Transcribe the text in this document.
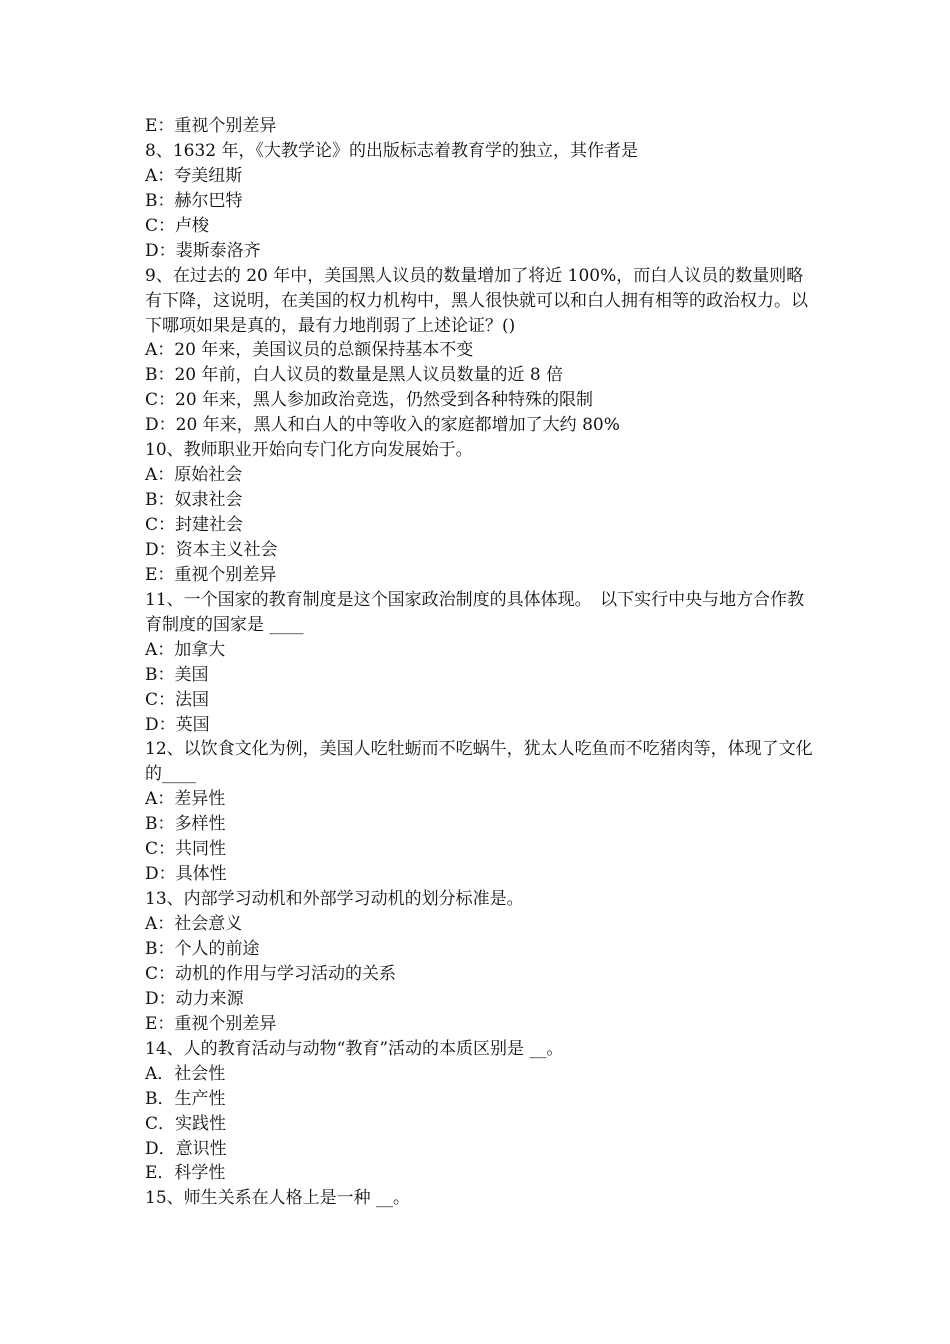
E：重视个别差异
8、1632 年，《大教学论》的出版标志着教育学的独立，其作者是
A：夸美纽斯
B：赫尔巴特
C：卢梭
D：裴斯泰洛齐
9、在过去的 20 年中，美国黑人议员的数量增加了将近 100%，而白人议员的数量则略有下降，这说明，在美国的权力机构中，黑人很快就可以和白人拥有相等的政治权力。以下哪项如果是真的，最有力地削弱了上述论证？()
A：20 年来，美国议员的总额保持基本不变
B：20 年前，白人议员的数量是黑人议员数量的近 8 倍
C：20 年来，黑人参加政治竞选，仍然受到各种特殊的限制
D：20 年来，黑人和白人的中等收入的家庭都增加了大约 80%
10、教师职业开始向专门化方向发展始于。
A：原始社会
B：奴隶社会
C：封建社会
D：资本主义社会
E：重视个别差异
11、一个国家的教育制度是这个国家政治制度的具体体现。　以下实行中央与地方合作教育制度的国家是 ____
A：加拿大
B：美国
C：法国
D：英国
12、以饮食文化为例，美国人吃牡蛎而不吃蜗牛，犹太人吃鱼而不吃猪肉等，体现了文化的____
A：差异性
B：多样性
C：共同性
D：具体性
13、内部学习动机和外部学习动机的划分标准是。
A：社会意义
B：个人的前途
C：动机的作用与学习活动的关系
D：动力来源
E：重视个别差异
14、人的教育活动与动物“教育”活动的本质区别是 __。
A．社会性
B．生产性
C．实践性
D．意识性
E．科学性
15、师生关系在人格上是一种 __。
